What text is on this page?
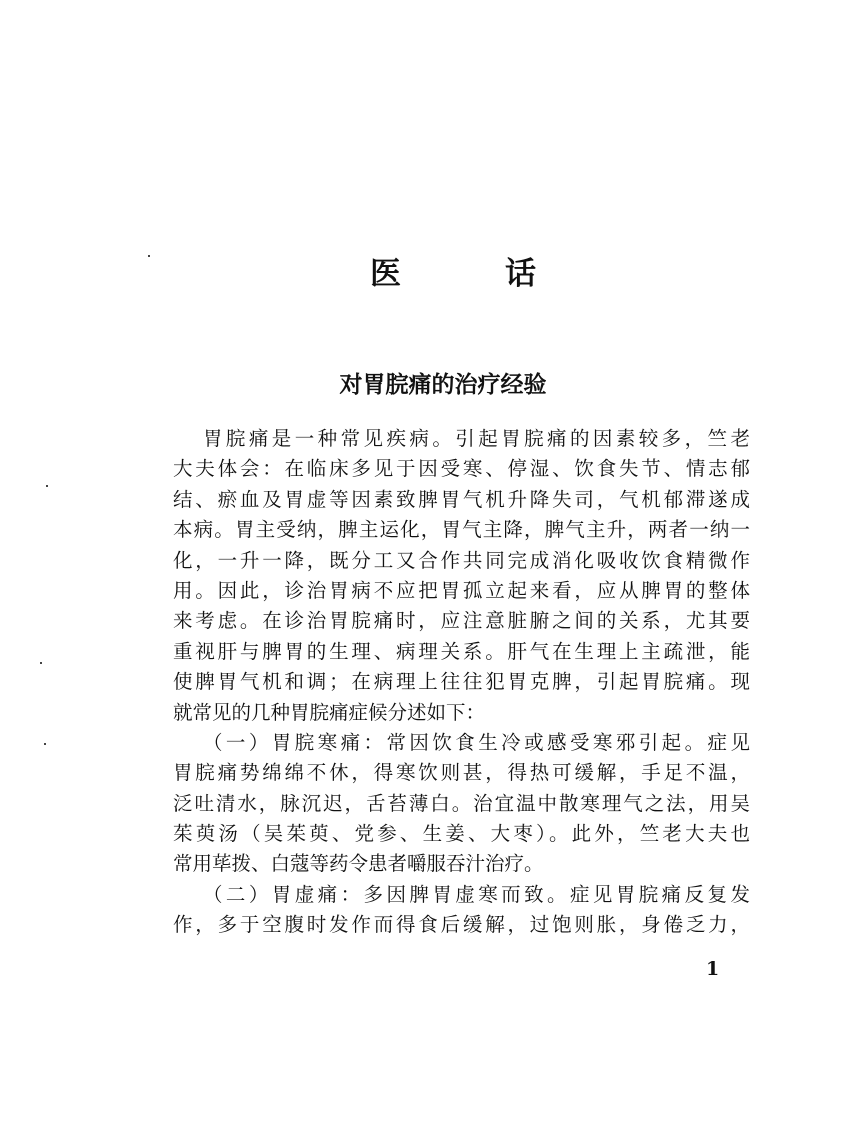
医	话
对胃脘痛的治疗经验
胃脘痛是一种常见疾病。引起胃脘痛的因素较多，竺老
大夫体会：在临床多见于因受寒、停湿、饮食失节、情志郁
结、瘀血及胃虚等因素致脾胃气机升降失司，气机郁滞遂成
本病。胃主受纳，脾主运化，胃气主降，脾气主升，两者一纳一
化，一升一降，既分工又合作共同完成消化吸收饮食精微作
用。因此，诊治胃病不应把胃孤立起来看，应从脾胃的整体
来考虑。在诊治胃脘痛时，应注意脏腑之间的关系，尤其要
重视肝与脾胃的生理、病理关系。肝气在生理上主疏泄，能
使脾胃气机和调；在病理上往往犯胃克脾，引起胃脘痛。现
就常见的几种胃脘痛症候分述如下：
（一）胃脘寒痛：常因饮食生冷或感受寒邪引起。症见
胃脘痛势绵绵不休，得寒饮则甚，得热可缓解，手足不温，
泛吐清水，脉沉迟，舌苔薄白。治宜温中散寒理气之法，用吴
茱萸汤（吴茱萸、党参、生姜、大枣）。此外，竺老大夫也
常用荜拨、白蔻等药令患者嚼服吞汁治疗。
（二）胃虚痛：多因脾胃虚寒而致。症见胃脘痛反复发
作，多于空腹时发作而得食后缓解，过饱则胀，身倦乏力，
1
